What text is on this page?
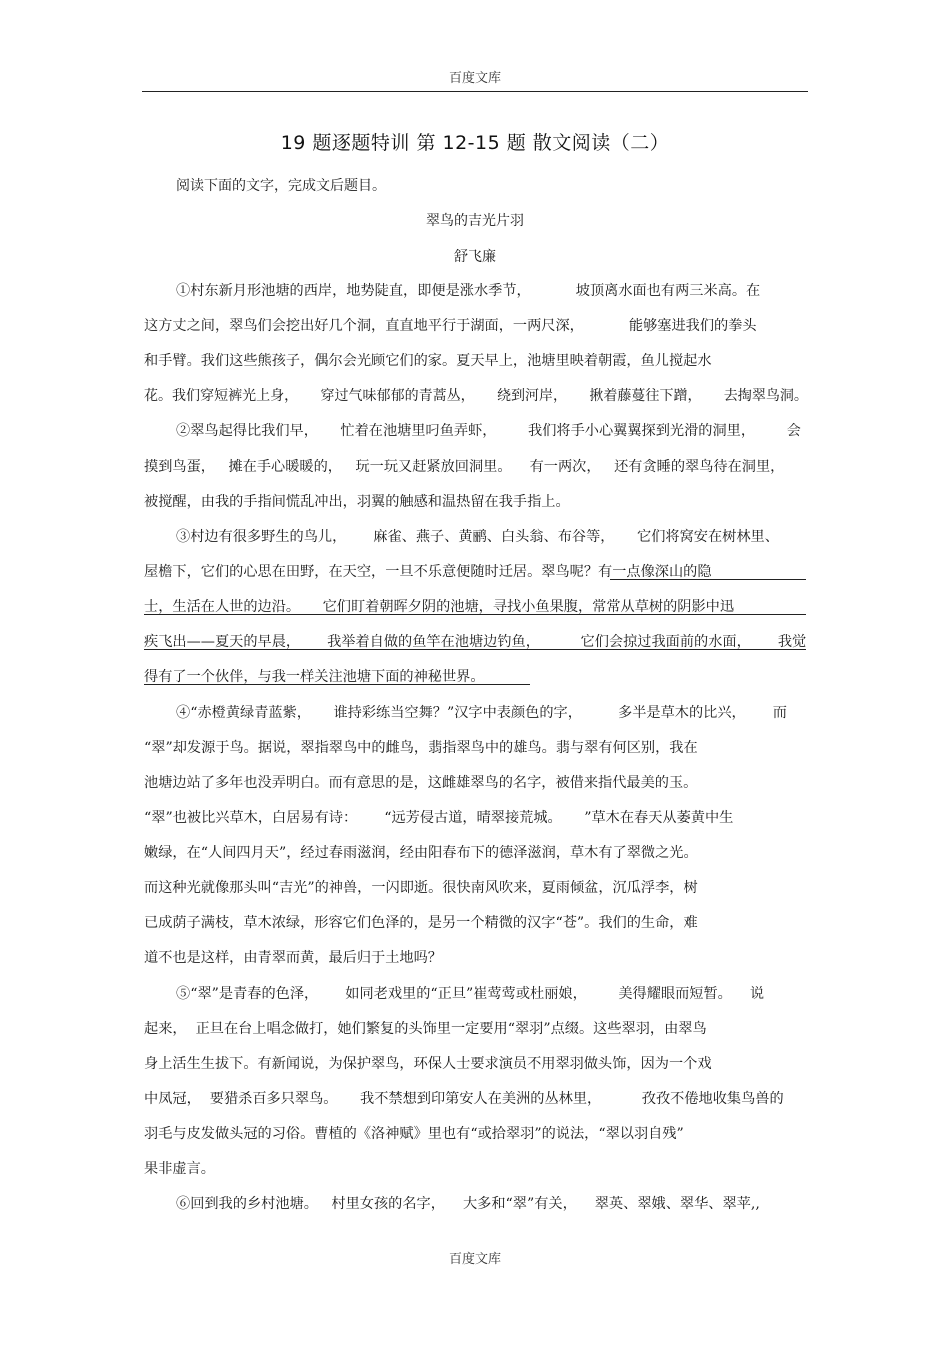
百度文库
19 题逐题特训 第 12-15 题 散文阅读（二）
阅读下面的文字，完成文后题目。
翠鸟的吉光片羽
舒飞廉
①村东新月形池塘的西岸，地势陡直，即便是涨水季节，          坡顶离水面也有两三米高。在
这方丈之间，翠鸟们会挖出好几个洞，直直地平行于湖面，一两尺深，          能够塞进我们的拳头
和手臂。我们这些熊孩子，偶尔会光顾它们的家。夏天早上，池塘里映着朝霞，鱼儿搅起水
花。我们穿短裤光上身，     穿过气味郁郁的青蒿丛，     绕到河岸，     揪着藤蔓往下蹭，     去掏翠鸟洞。
②翠鸟起得比我们早，     忙着在池塘里叼鱼弄虾，       我们将手小心翼翼探到光滑的洞里，       会
摸到鸟蛋，   摊在手心暖暖的，   玩一玩又赶紧放回洞里。    有一两次，   还有贪睡的翠鸟待在洞里，
被搅醒，由我的手指间慌乱冲出，羽翼的触感和温热留在我手指上。
③村边有很多野生的鸟儿，      麻雀、燕子、黄鹂、白头翁、布谷等，     它们将窝安在树林里、
屋檐下，它们的心思在田野，在天空，一旦不乐意便随时迁居。翠鸟呢？有一点像深山的隐
士，生活在人世的边沿。     它们盯着朝晖夕阴的池塘，寻找小鱼果腹，常常从草树的阴影中迅
疾飞出——夏天的早晨，      我举着自做的鱼竿在池塘边钓鱼，         它们会掠过我面前的水面，      我觉
得有了一个伙伴，与我一样关注池塘下面的神秘世界。
④“赤橙黄绿青蓝紫，     谁持彩练当空舞？”汉字中表颜色的字，        多半是草木的比兴，      而
“翠”却发源于鸟。据说，翠指翠鸟中的雌鸟，翡指翠鸟中的雄鸟。翡与翠有何区别，我在
池塘边站了多年也没弄明白。而有意思的是，这雌雄翠鸟的名字，被借来指代最美的玉。
“翠”也被比兴草木，白居易有诗：      “远芳侵古道，晴翠接荒城。     ”草木在春天从萎黄中生
嫩绿，在“人间四月天”，经过春雨滋润，经由阳春布下的德泽滋润，草木有了翠微之光。
而这种光就像那头叫“吉光”的神兽，一闪即逝。很快南风吹来，夏雨倾盆，沉瓜浮李，树
已成荫子满枝，草木浓绿，形容它们色泽的，是另一个精微的汉字“苍”。我们的生命，难
道不也是这样，由青翠而黄，最后归于土地吗？
⑤“翠”是青春的色泽，      如同老戏里的“正旦”崔莺莺或杜丽娘，       美得耀眼而短暂。    说
起来，  正旦在台上唱念做打，她们繁复的头饰里一定要用“翠羽”点缀。这些翠羽，由翠鸟
身上活生生拔下。有新闻说，为保护翠鸟，环保人士要求演员不用翠羽做头饰，因为一个戏
中凤冠，  要猎杀百多只翠鸟。     我不禁想到印第安人在美洲的丛林里，         孜孜不倦地收集鸟兽的
羽毛与皮发做头冠的习俗。曹植的《洛神赋》里也有“或拾翠羽”的说法，“翠以羽自残”
果非虚言。
⑥回到我的乡村池塘。   村里女孩的名字，    大多和“翠”有关，    翠英、翠娥、翠华、翠苹,,
百度文库
